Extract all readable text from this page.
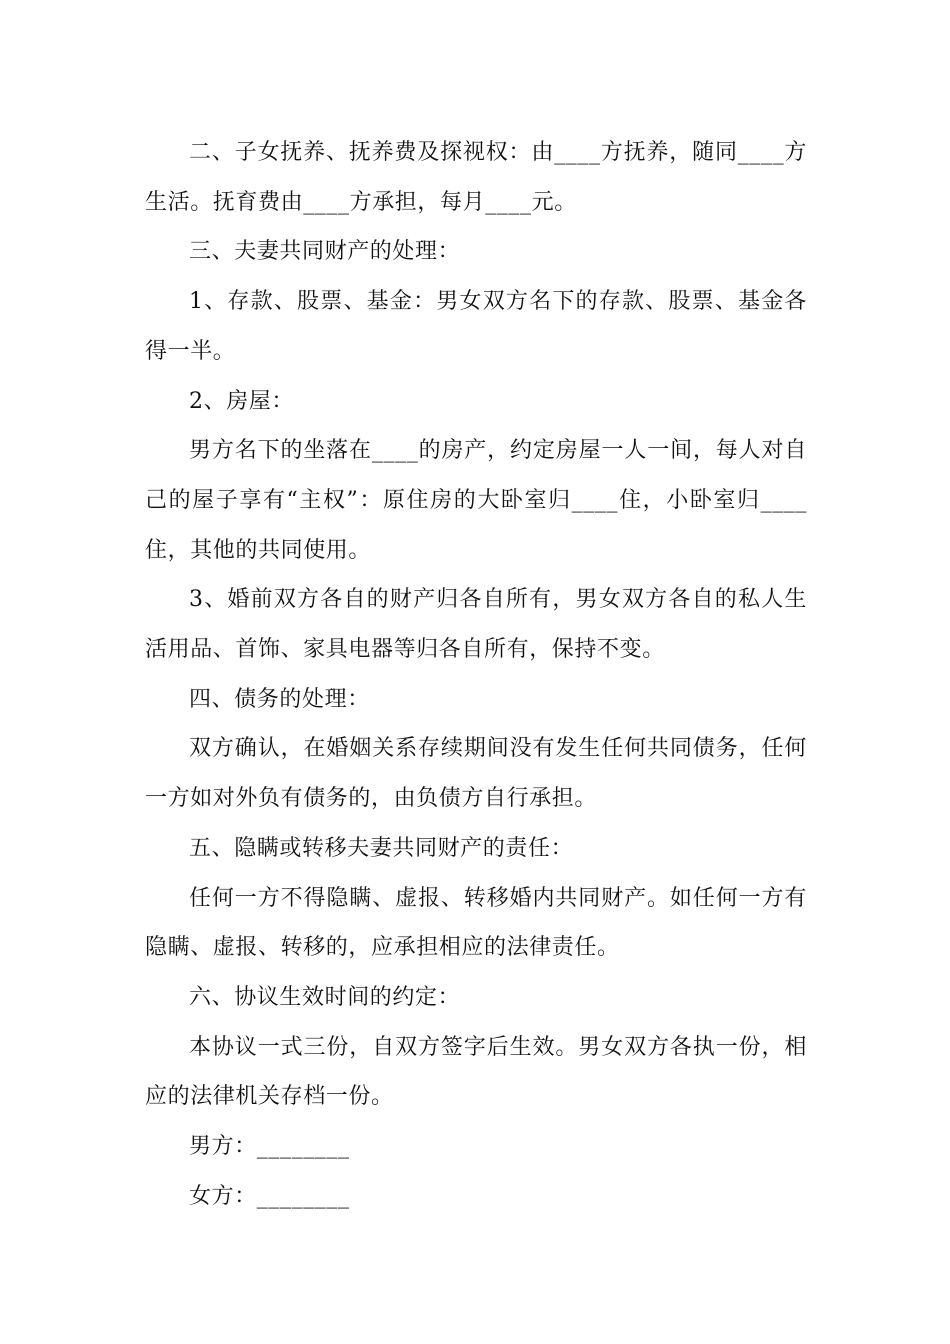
二、子女抚养、抚养费及探视权：由____方抚养，随同____方生活。抚育费由____方承担，每月____元。

三、夫妻共同财产的处理：

1、存款、股票、基金：男女双方名下的存款、股票、基金各得一半。

2、房屋：

男方名下的坐落在____的房产，约定房屋一人一间，每人对自己的屋子享有“主权”：原住房的大卧室归____住，小卧室归____住，其他的共同使用。

3、婚前双方各自的财产归各自所有，男女双方各自的私人生活用品、首饰、家具电器等归各自所有，保持不变。

四、债务的处理：

双方确认，在婚姻关系存续期间没有发生任何共同债务，任何一方如对外负有债务的，由负债方自行承担。

五、隐瞒或转移夫妻共同财产的责任：

任何一方不得隐瞒、虚报、转移婚内共同财产。如任何一方有隐瞒、虚报、转移的，应承担相应的法律责任。

六、协议生效时间的约定：

本协议一式三份，自双方签字后生效。男女双方各执一份，相应的法律机关存档一份。

男方：________

女方：________
